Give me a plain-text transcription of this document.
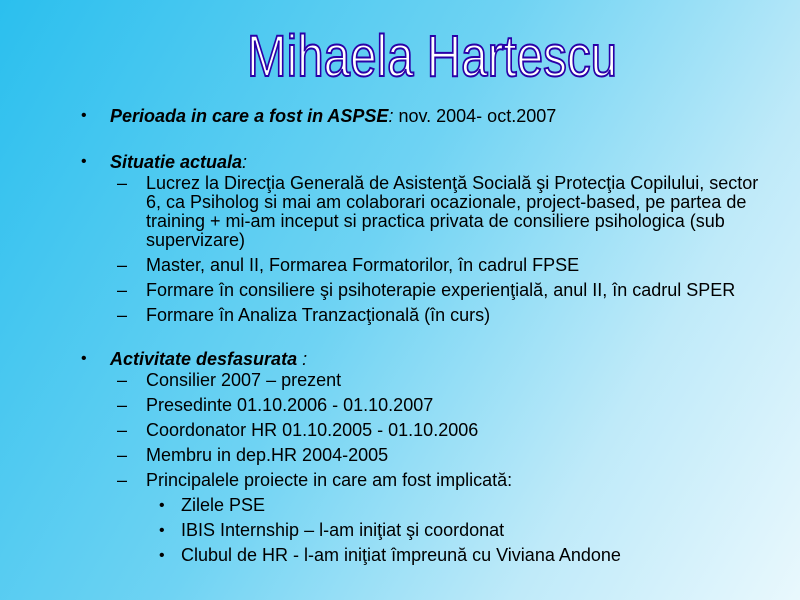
Mihaela Hartescu

• Perioada in care a fost in ASPSE: nov. 2004- oct.2007

• Situatie actuala:

– Lucrez la Direcţia Generală de Asistenţă Socială şi Protecţia Copilului, sector 6, ca Psiholog si mai am colaborari ocazionale, project-based, pe partea de training + mi-am inceput si practica privata de consiliere psihologica (sub supervizare)

– Master, anul II, Formarea Formatorilor, în cadrul FPSE

– Formare în consiliere şi psihoterapie experienţială, anul II, în cadrul SPER

– Formare în Analiza Tranzacţională (în curs)

• Activitate desfasurata :

– Consilier 2007 – prezent

– Presedinte 01.10.2006 - 01.10.2007

– Coordonator HR 01.10.2005 - 01.10.2006

– Membru in dep.HR 2004-2005

– Principalele proiecte in care am fost implicată:

• Zilele PSE

• IBIS Internship – l-am iniţiat şi coordonat

• Clubul de HR - l-am iniţiat împreună cu Viviana Andone
